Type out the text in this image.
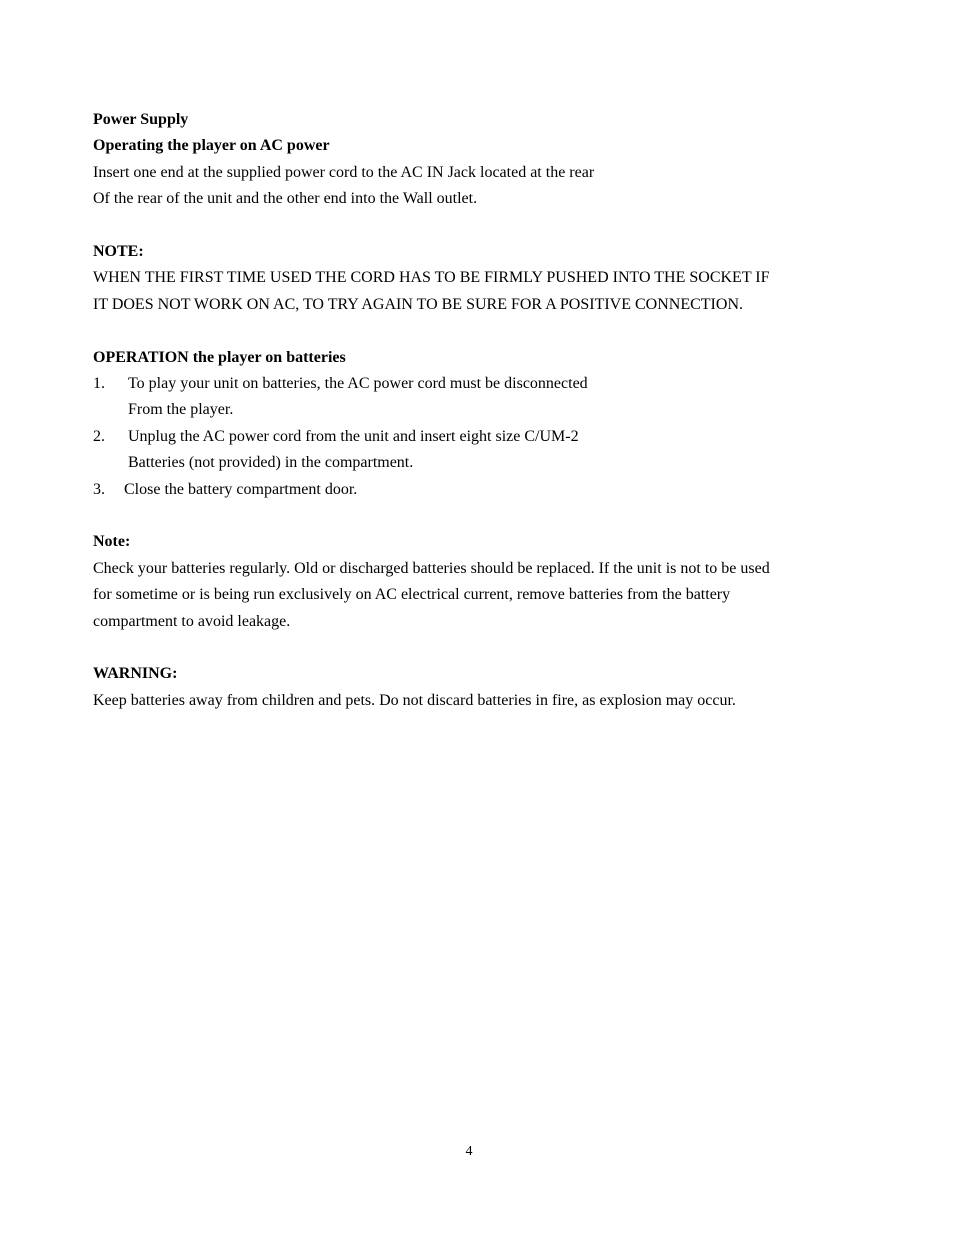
Power Supply

Operating the player on AC power

Insert one end at the supplied power cord to the AC IN Jack located at the rear

Of the rear of the unit and the other end into the Wall outlet.

NOTE:

WHEN THE FIRST TIME USED THE CORD HAS TO BE FIRMLY PUSHED INTO THE SOCKET IF

IT DOES NOT WORK ON AC, TO TRY AGAIN TO BE SURE FOR A POSITIVE CONNECTION.

OPERATION the player on batteries

1.	To play your unit on batteries, the AC power cord must be disconnected
From the player.
2.	Unplug the AC power cord from the unit and insert eight size C/UM-2
Batteries (not provided) in the compartment.
3.	Close the battery compartment door.

Note:

Check your batteries regularly. Old or discharged batteries should be replaced. If the unit is not to be used

for sometime or is being run exclusively on AC electrical current, remove batteries from the battery

compartment to avoid leakage.

WARNING:

Keep batteries away from children and pets. Do not discard batteries in fire, as explosion may occur.

4
